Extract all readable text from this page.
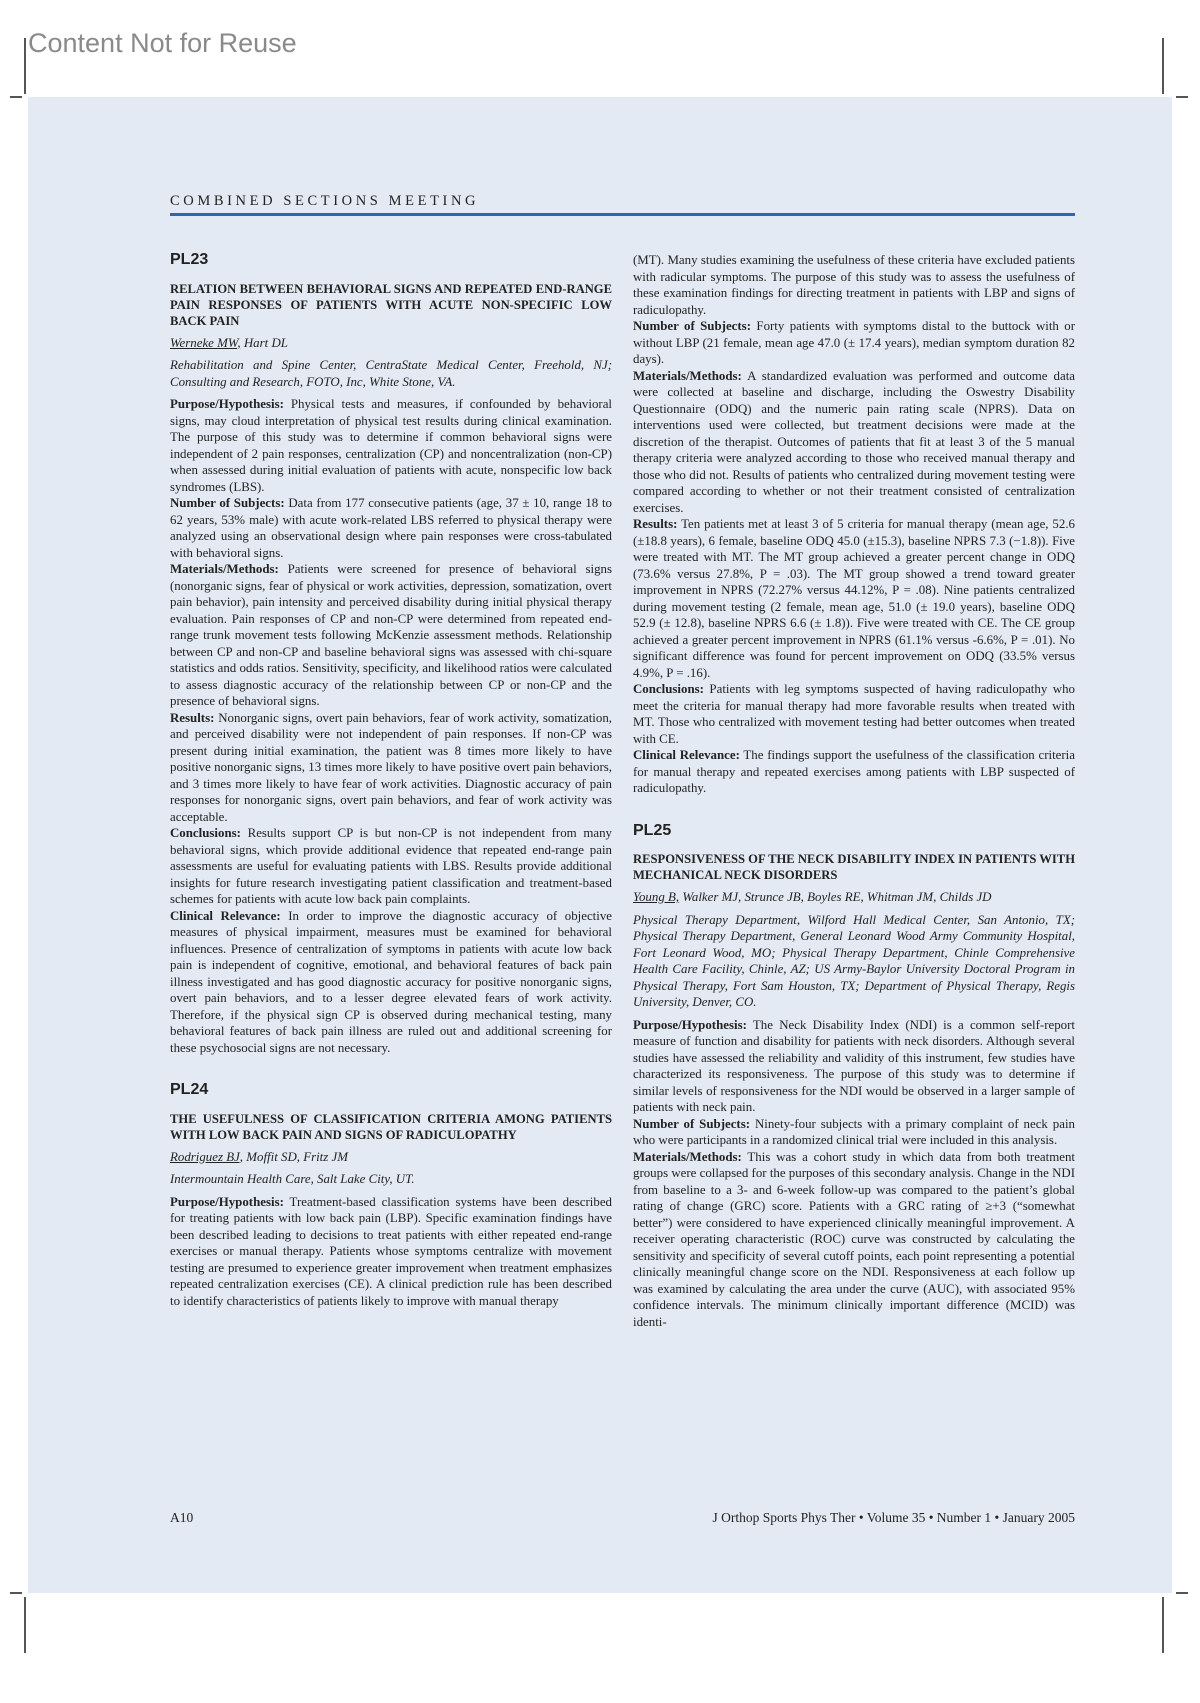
Content Not for Reuse
COMBINED SECTIONS MEETING
PL23
RELATION BETWEEN BEHAVIORAL SIGNS AND REPEATED END-RANGE PAIN RESPONSES OF PATIENTS WITH ACUTE NON-SPECIFIC LOW BACK PAIN
Werneke MW, Hart DL
Rehabilitation and Spine Center, CentraState Medical Center, Freehold, NJ; Consulting and Research, FOTO, Inc, White Stone, VA.

Purpose/Hypothesis: Physical tests and measures, if confounded by behavioral signs, may cloud interpretation of physical test results during clinical examination. The purpose of this study was to determine if common behavioral signs were independent of 2 pain responses, centralization (CP) and noncentralization (non-CP) when assessed during initial evaluation of patients with acute, nonspecific low back syndromes (LBS).

Number of Subjects: Data from 177 consecutive patients (age, 37 ± 10, range 18 to 62 years, 53% male) with acute work-related LBS referred to physical therapy were analyzed using an observational design where pain responses were cross-tabulated with behavioral signs.

Materials/Methods: Patients were screened for presence of behavioral signs (nonorganic signs, fear of physical or work activities, depression, somatization, overt pain behavior), pain intensity and perceived disability during initial physical therapy evaluation. Pain responses of CP and non-CP were determined from repeated end-range trunk movement tests following McKenzie assessment methods. Relationship between CP and non-CP and baseline behavioral signs was assessed with chi-square statistics and odds ratios. Sensitivity, specificity, and likelihood ratios were calculated to assess diagnostic accuracy of the relationship between CP or non-CP and the presence of behavioral signs.

Results: Nonorganic signs, overt pain behaviors, fear of work activity, somatization, and perceived disability were not independent of pain responses. If non-CP was present during initial examination, the patient was 8 times more likely to have positive nonorganic signs, 13 times more likely to have positive overt pain behaviors, and 3 times more likely to have fear of work activities. Diagnostic accuracy of pain responses for nonorganic signs, overt pain behaviors, and fear of work activity was acceptable.

Conclusions: Results support CP is but non-CP is not independent from many behavioral signs, which provide additional evidence that repeated end-range pain assessments are useful for evaluating patients with LBS. Results provide additional insights for future research investigating patient classification and treatment-based schemes for patients with acute low back pain complaints.

Clinical Relevance: In order to improve the diagnostic accuracy of objective measures of physical impairment, measures must be examined for behavioral influences. Presence of centralization of symptoms in patients with acute low back pain is independent of cognitive, emotional, and behavioral features of back pain illness investigated and has good diagnostic accuracy for positive nonorganic signs, overt pain behaviors, and to a lesser degree elevated fears of work activity. Therefore, if the physical sign CP is observed during mechanical testing, many behavioral features of back pain illness are ruled out and additional screening for these psychosocial signs are not necessary.

PL24
THE USEFULNESS OF CLASSIFICATION CRITERIA AMONG PATIENTS WITH LOW BACK PAIN AND SIGNS OF RADICULOPATHY
Rodriguez BJ, Moffit SD, Fritz JM
Intermountain Health Care, Salt Lake City, UT.

Purpose/Hypothesis: Treatment-based classification systems have been described for treating patients with low back pain (LBP). Specific examination findings have been described leading to decisions to treat patients with either repeated end-range exercises or manual therapy. Patients whose symptoms centralize with movement testing are presumed to experience greater improvement when treatment emphasizes repeated centralization exercises (CE). A clinical prediction rule has been described to identify characteristics of patients likely to improve with manual therapy

(MT). Many studies examining the usefulness of these criteria have excluded patients with radicular symptoms. The purpose of this study was to assess the usefulness of these examination findings for directing treatment in patients with LBP and signs of radiculopathy.

Number of Subjects: Forty patients with symptoms distal to the buttock with or without LBP (21 female, mean age 47.0 (± 17.4 years), median symptom duration 82 days).

Materials/Methods: A standardized evaluation was performed and outcome data were collected at baseline and discharge, including the Oswestry Disability Questionnaire (ODQ) and the numeric pain rating scale (NPRS). Data on interventions used were collected, but treatment decisions were made at the discretion of the therapist. Outcomes of patients that fit at least 3 of the 5 manual therapy criteria were analyzed according to those who received manual therapy and those who did not. Results of patients who centralized during movement testing were compared according to whether or not their treatment consisted of centralization exercises.

Results: Ten patients met at least 3 of 5 criteria for manual therapy (mean age, 52.6 (±18.8 years), 6 female, baseline ODQ 45.0 (±15.3), baseline NPRS 7.3 (−1.8)). Five were treated with MT. The MT group achieved a greater percent change in ODQ (73.6% versus 27.8%, P = .03). The MT group showed a trend toward greater improvement in NPRS (72.27% versus 44.12%, P = .08). Nine patients centralized during movement testing (2 female, mean age, 51.0 (± 19.0 years), baseline ODQ 52.9 (± 12.8), baseline NPRS 6.6 (± 1.8)). Five were treated with CE. The CE group achieved a greater percent improvement in NPRS (61.1% versus -6.6%, P = .01). No significant difference was found for percent improvement on ODQ (33.5% versus 4.9%, P = .16).

Conclusions: Patients with leg symptoms suspected of having radiculopathy who meet the criteria for manual therapy had more favorable results when treated with MT. Those who centralized with movement testing had better outcomes when treated with CE.

Clinical Relevance: The findings support the usefulness of the classification criteria for manual therapy and repeated exercises among patients with LBP suspected of radiculopathy.

PL25
RESPONSIVENESS OF THE NECK DISABILITY INDEX IN PATIENTS WITH MECHANICAL NECK DISORDERS
Young B, Walker MJ, Strunce JB, Boyles RE, Whitman JM, Childs JD
Physical Therapy Department, Wilford Hall Medical Center, San Antonio, TX; Physical Therapy Department, General Leonard Wood Army Community Hospital, Fort Leonard Wood, MO; Physical Therapy Department, Chinle Comprehensive Health Care Facility, Chinle, AZ; US Army-Baylor University Doctoral Program in Physical Therapy, Fort Sam Houston, TX; Department of Physical Therapy, Regis University, Denver, CO.

Purpose/Hypothesis: The Neck Disability Index (NDI) is a common self-report measure of function and disability for patients with neck disorders. Although several studies have assessed the reliability and validity of this instrument, few studies have characterized its responsiveness. The purpose of this study was to determine if similar levels of responsiveness for the NDI would be observed in a larger sample of patients with neck pain.

Number of Subjects: Ninety-four subjects with a primary complaint of neck pain who were participants in a randomized clinical trial were included in this analysis.

Materials/Methods: This was a cohort study in which data from both treatment groups were collapsed for the purposes of this secondary analysis. Change in the NDI from baseline to a 3- and 6-week follow-up was compared to the patient’s global rating of change (GRC) score. Patients with a GRC rating of ≥+3 (“somewhat better”) were considered to have experienced clinically meaningful improvement. A receiver operating characteristic (ROC) curve was constructed by calculating the sensitivity and specificity of several cutoff points, each point representing a potential clinically meaningful change score on the NDI. Responsiveness at each follow up was examined by calculating the area under the curve (AUC), with associated 95% confidence intervals. The minimum clinically important difference (MCID) was identi-

A10	J Orthop Sports Phys Ther • Volume 35 • Number 1 • January 2005
